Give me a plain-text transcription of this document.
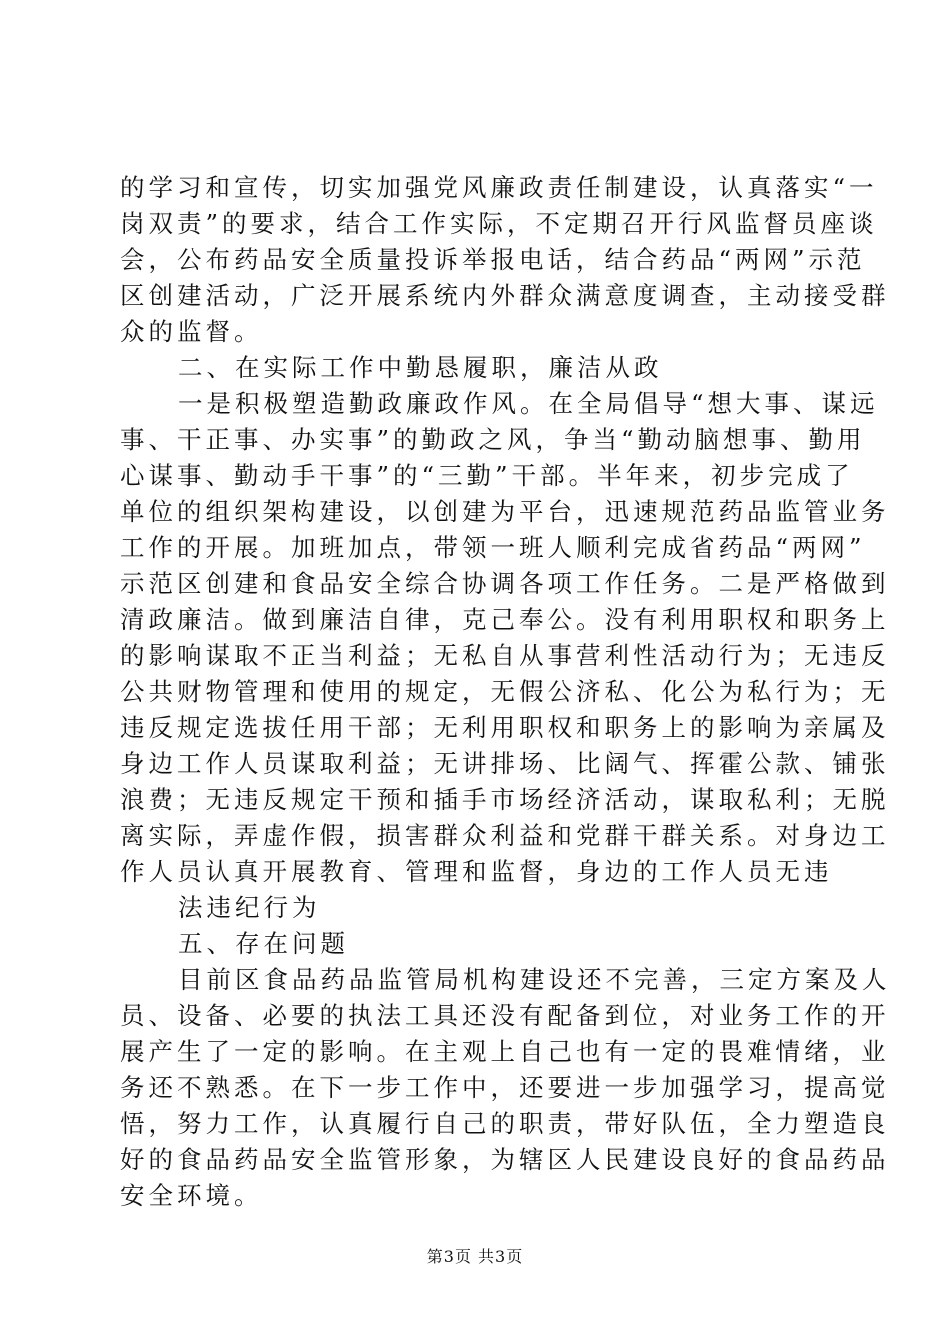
的学习和宣传，切实加强党风廉政责任制建设，认真落实“一
岗双责”的要求，结合工作实际，不定期召开行风监督员座谈
会，公布药品安全质量投诉举报电话，结合药品“两网”示范
区创建活动，广泛开展系统内外群众满意度调查，主动接受群
众的监督。
二、在实际工作中勤恳履职，廉洁从政
一是积极塑造勤政廉政作风。在全局倡导“想大事、谋远
事、干正事、办实事”的勤政之风，争当“勤动脑想事、勤用
心谋事、勤动手干事”的“三勤”干部。半年来，初步完成了
单位的组织架构建设，以创建为平台，迅速规范药品监管业务
工作的开展。加班加点，带领一班人顺利完成省药品“两网”
示范区创建和食品安全综合协调各项工作任务。二是严格做到
清政廉洁。做到廉洁自律，克己奉公。没有利用职权和职务上
的影响谋取不正当利益；无私自从事营利性活动行为；无违反
公共财物管理和使用的规定，无假公济私、化公为私行为；无
违反规定选拔任用干部；无利用职权和职务上的影响为亲属及
身边工作人员谋取利益；无讲排场、比阔气、挥霍公款、铺张
浪费；无违反规定干预和插手市场经济活动，谋取私利；无脱
离实际，弄虚作假，损害群众利益和党群干群关系。对身边工
作人员认真开展教育、管理和监督，身边的工作人员无违
法违纪行为
五、存在问题
目前区食品药品监管局机构建设还不完善，三定方案及人
员、设备、必要的执法工具还没有配备到位，对业务工作的开
展产生了一定的影响。在主观上自己也有一定的畏难情绪，业
务还不熟悉。在下一步工作中，还要进一步加强学习，提高觉
悟，努力工作，认真履行自己的职责，带好队伍，全力塑造良
好的食品药品安全监管形象，为辖区人民建设良好的食品药品
安全环境。
第3页 共3页
